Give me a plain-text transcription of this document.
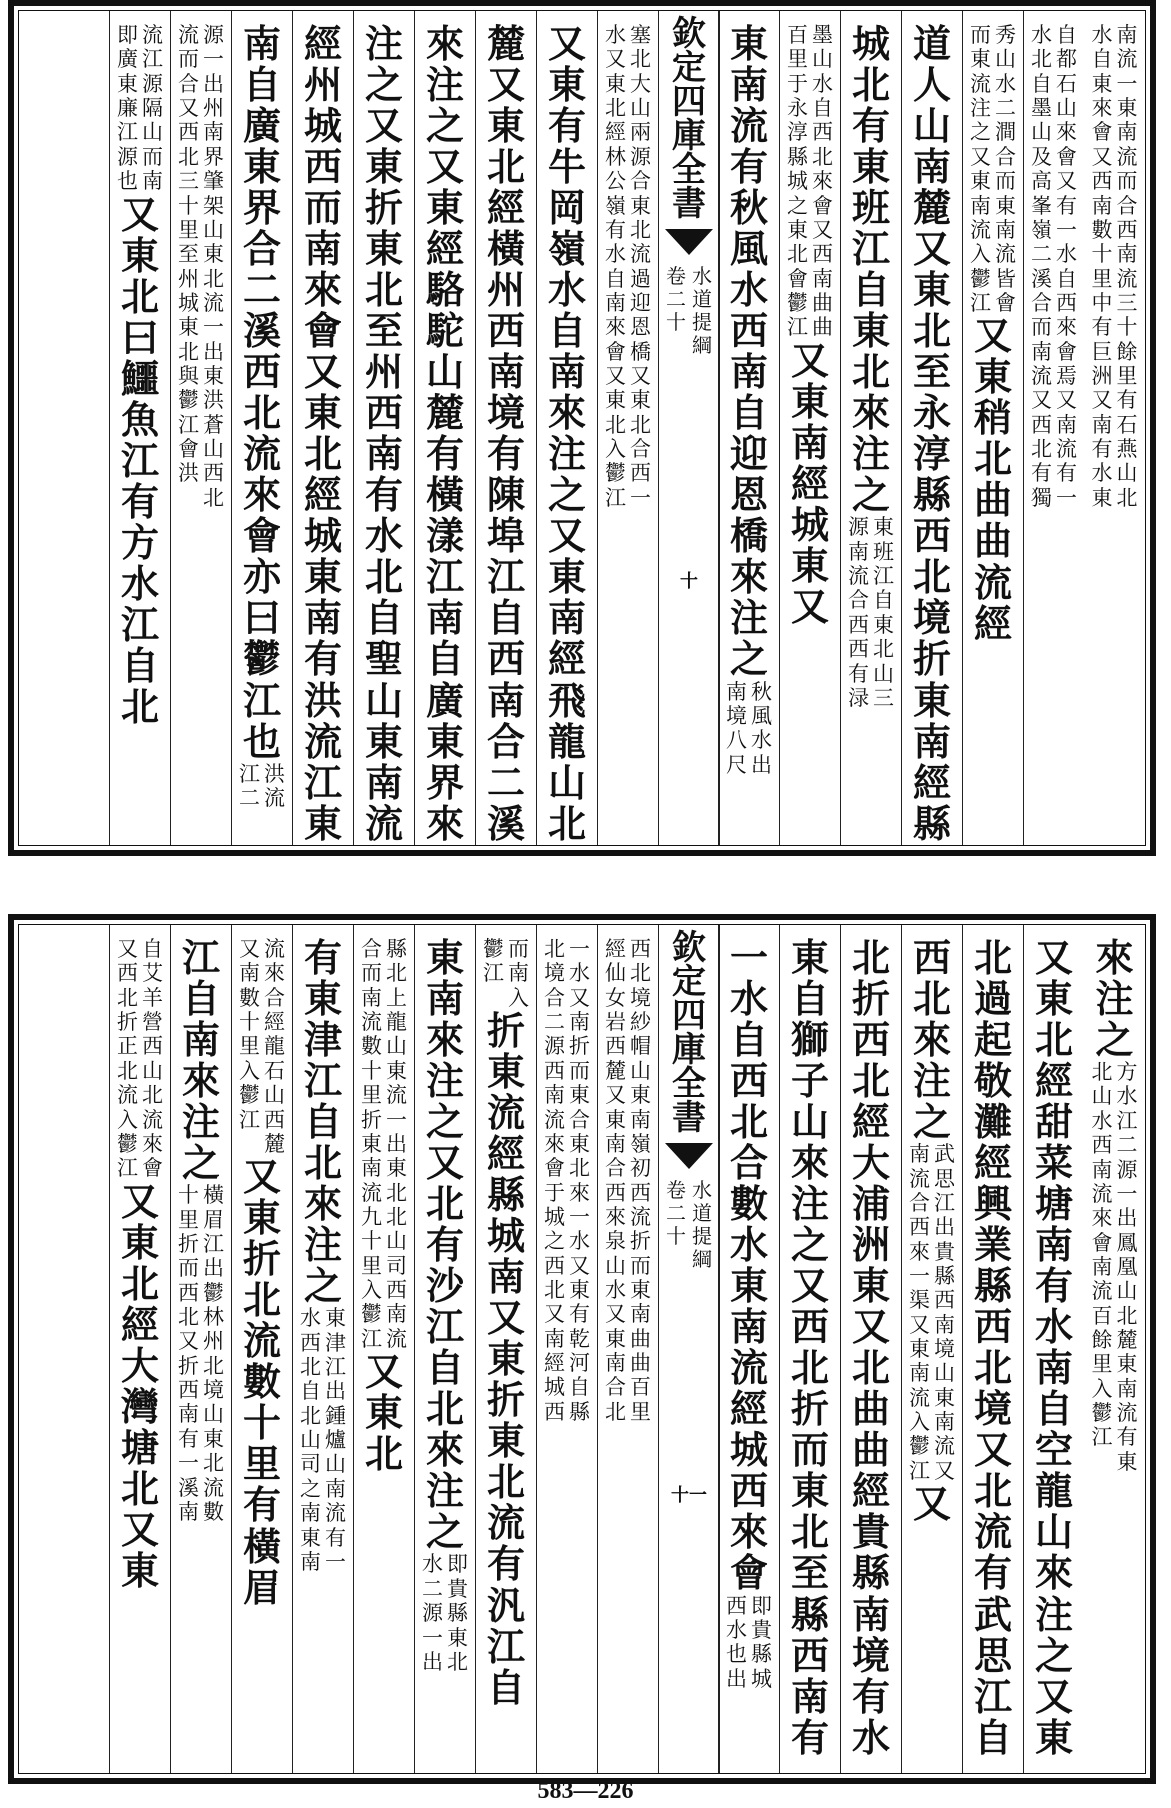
南
流
一
東
南
流
而
合
西
南
流
三
十
餘
里
有
石
燕
山
北
水
自
東
來
會
又
西
南
數
十
里
中
有
巨
洲
又
南
有
水
東
自
都
石
山
來
會
又
有
一
水
自
西
來
會
焉
又
南
流
有
一
水
北
自
墨
山
及
高
峯
嶺
二
溪
合
而
南
流
又
西
北
有
獨
秀
山
水
二
澗
合
而
東
南
流
皆
會
而
東
流
注
之
又
東
南
流
入
鬱
江
又
東
稍
北
曲
曲
流
經
道
人
山
南
麓
又
東
北
至
永
淳
縣
西
北
境
折
東
南
經
縣
城
北
有
東
班
江
自
東
北
來
注
之
東
班
江
自
東
北
山
三
源
南
流
合
西
西
有
渌
墨
山
水
自
西
北
來
會
又
西
南
曲
曲
百
里
于
永
淳
縣
城
之
東
北
會
鬱
江
又
東
南
經
城
東
又
東
南
流
有
秋
風
水
西
南
自
迎
恩
橋
來
注
之
秋
風
水
出
南
境
八
尺
欽
定
四
庫
全
書
水
道
提
綱
卷
二
十
十
塞
北
大
山
兩
源
合
東
北
流
過
迎
恩
橋
又
東
北
合
西
一
水
又
東
北
經
林
公
嶺
有
水
自
南
來
會
又
東
北
入
鬱
江
又
東
有
牛
岡
嶺
水
自
南
來
注
之
又
東
南
經
飛
龍
山
北
麓
又
東
北
經
橫
州
西
南
境
有
陳
埠
江
自
西
南
合
二
溪
來
注
之
又
東
經
駱
駝
山
麓
有
橫
漾
江
南
自
廣
東
界
來
注
之
又
東
折
東
北
至
州
西
南
有
水
北
自
聖
山
東
南
流
經
州
城
西
而
南
來
會
又
東
北
經
城
東
南
有
洪
流
江
東
南
自
廣
東
界
合
二
溪
西
北
流
來
會
亦
曰
鬱
江
也
洪
流
江
二
源
一
出
州
南
界
肇
架
山
東
北
流
一
出
東
洪
蒼
山
西
北
流
而
合
又
西
北
三
十
里
至
州
城
東
北
與
鬱
江
會
洪
流
江
源
隔
山
而
南
即
廣
東
廉
江
源
也
又
東
北
曰
鱷
魚
江
有
方
水
江
自
北
來
注
之
方
水
江
二
源
一
出
鳳
凰
山
北
麓
東
南
流
有
東
北
山
水
西
南
流
來
會
南
流
百
餘
里
入
鬱
江
又
東
北
經
甜
菜
塘
南
有
水
南
自
空
龍
山
來
注
之
又
東
北
過
起
敬
灘
經
興
業
縣
西
北
境
又
北
流
有
武
思
江
自
西
北
來
注
之
武
思
江
出
貴
縣
西
南
境
山
東
南
流
又
南
流
合
西
來
一
渠
又
東
南
流
入
鬱
江
又
北
折
西
北
經
大
浦
洲
東
又
北
曲
曲
經
貴
縣
南
境
有
水
東
自
獅
子
山
來
注
之
又
西
北
折
而
東
北
至
縣
西
南
有
一
水
自
西
北
合
數
水
東
南
流
經
城
西
來
會
即
貴
縣
城
西
水
也
出
欽
定
四
庫
全
書
水
道
提
綱
卷
二
十
十一
西
北
境
紗
帽
山
東
南
嶺
初
西
流
折
而
東
南
曲
曲
百
里
經
仙
女
岩
西
麓
又
東
南
合
西
來
泉
山
水
又
東
南
合
北
一
水
又
南
折
而
東
合
東
北
來
一
水
又
東
有
乾
河
自
縣
北
境
合
二
源
西
南
流
來
會
于
城
之
西
北
又
南
經
城
西
而
南
入
鬱
江
折
東
流
經
縣
城
南
又
東
折
東
北
流
有
汎
江
自
東
南
來
注
之
又
北
有
沙
江
自
北
來
注
之
即
貴
縣
東
北
水
二
源
一
出
縣
北
上
龍
山
東
流
一
出
東
北
北
山
司
西
南
流
合
而
南
流
數
十
里
折
東
南
流
九
十
里
入
鬱
江
又
東
北
有
東
津
江
自
北
來
注
之
東
津
江
出
鍾
爐
山
南
流
有
一
水
西
北
自
北
山
司
之
南
東
南
流
來
合
經
龍
石
山
西
麓
又
南
數
十
里
入
鬱
江
又
東
折
北
流
數
十
里
有
橫
眉
江
自
南
來
注
之
橫
眉
江
出
鬱
林
州
北
境
山
東
北
流
數
十
里
折
而
西
北
又
折
西
南
有
一
溪
南
自
艾
羊
營
西
山
北
流
來
會
又
西
北
折
正
北
流
入
鬱
江
又
東
北
經
大
灣
塘
北
又
東
583—226
